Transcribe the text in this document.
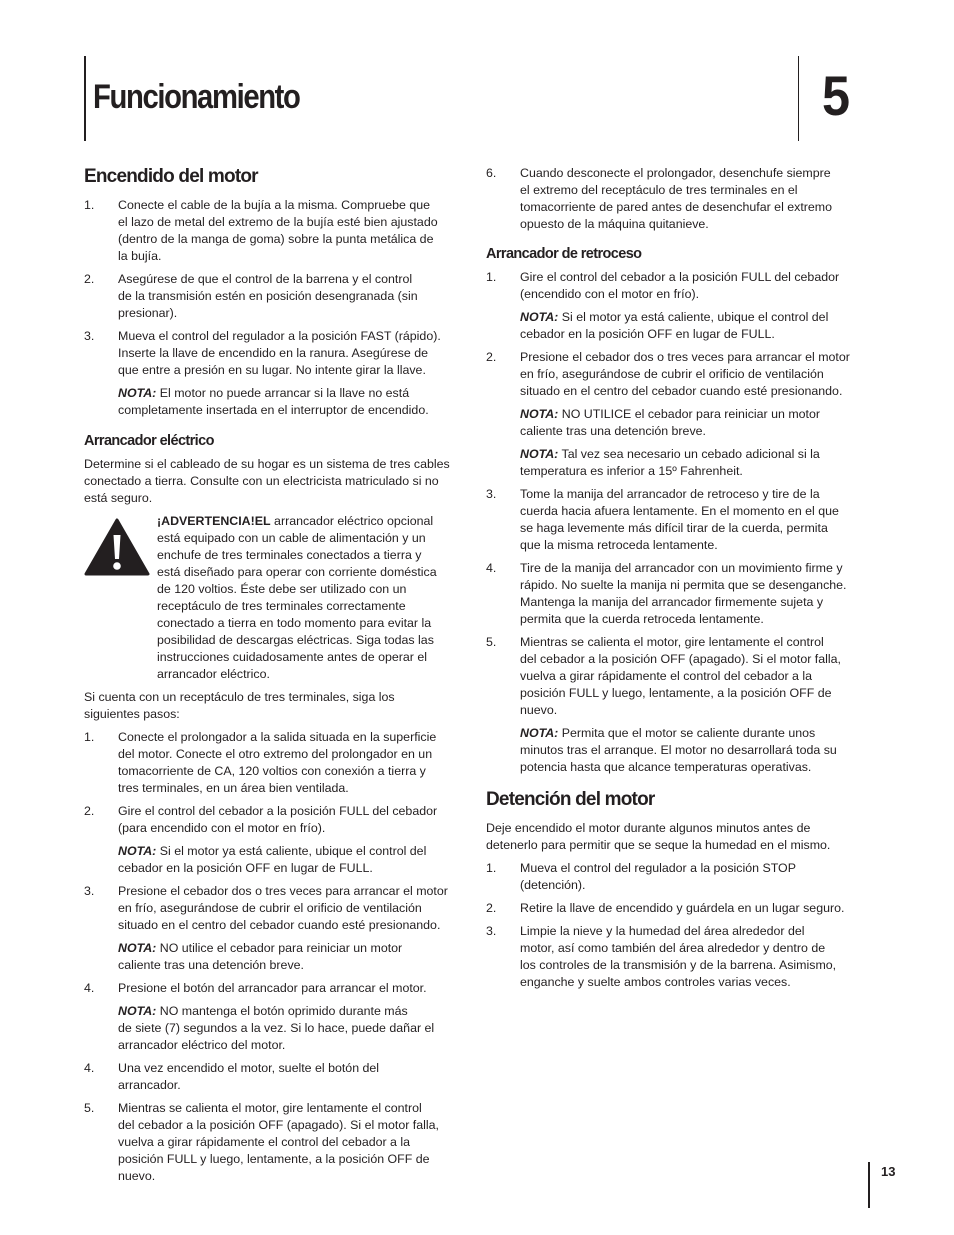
Funcionamiento	5
Encendido del motor
1. Conecte el cable de la bujía a la misma. Compruebe que
el lazo de metal del extremo de la bujía esté bien ajustado
(dentro de la manga de goma) sobre la punta metálica de
la bujía.
2. Asegúrese de que el control de la barrena y el control
de la transmisión estén en posición desengranada (sin
presionar).
3. Mueva el control del regulador a la posición FAST (rápido).
Inserte la llave de encendido en la ranura. Asegúrese de
que entre a presión en su lugar. No intente girar la llave.
NOTA: El motor no puede arrancar si la llave no está
completamente insertada en el interruptor de encendido.
Arrancador eléctrico

Determine si el cableado de su hogar es un sistema de tres cables
conectado a tierra. Consulte con un electricista matriculado si no
está seguro.

¡ADVERTENCIA!EL arrancador eléctrico opcional
está equipado con un cable de alimentación y un
enchufe de tres terminales conectados a tierra y
está diseñado para operar con corriente doméstica
de 120 voltios. Éste debe ser utilizado con un
receptáculo de tres terminales correctamente
conectado a tierra en todo momento para evitar la
posibilidad de descargas eléctricas. Siga todas las
instrucciones cuidadosamente antes de operar el
arrancador eléctrico.

Si cuenta con un receptáculo de tres terminales, siga los
siguientes pasos:

1. Conecte el prolongador a la salida situada en la superficie
del motor. Conecte el otro extremo del prolongador en un
tomacorriente de CA, 120 voltios con conexión a tierra y
tres terminales, en un área bien ventilada.
2. Gire el control del cebador a la posición FULL del cebador
(para encendido con el motor en frío).
NOTA: Si el motor ya está caliente, ubique el control del
cebador en la posición OFF en lugar de FULL.
3. Presione el cebador dos o tres veces para arrancar el motor
en frío, asegurándose de cubrir el orificio de ventilación
situado en el centro del cebador cuando esté presionando.
NOTA: NO utilice el cebador para reiniciar un motor
caliente tras una detención breve.
4. Presione el botón del arrancador para arrancar el motor.
NOTA: NO mantenga el botón oprimido durante más
de siete (7) segundos a la vez. Si lo hace, puede dañar el
arrancador eléctrico del motor.
4. Una vez encendido el motor, suelte el botón del
arrancador.
5. Mientras se calienta el motor, gire lentamente el control
del cebador a la posición OFF (apagado). Si el motor falla,
vuelva a girar rápidamente el control del cebador a la
posición FULL y luego, lentamente, a la posición OFF de
nuevo.
6. Cuando desconecte el prolongador, desenchufe siempre
el extremo del receptáculo de tres terminales en el
tomacorriente de pared antes de desenchufar el extremo
opuesto de la máquina quitanieve.
Arrancador de retroceso
1. Gire el control del cebador a la posición FULL del cebador
(encendido con el motor en frío).
NOTA: Si el motor ya está caliente, ubique el control del
cebador en la posición OFF en lugar de FULL.
2. Presione el cebador dos o tres veces para arrancar el motor
en frío, asegurándose de cubrir el orificio de ventilación
situado en el centro del cebador cuando esté presionando.
NOTA: NO UTILICE el cebador para reiniciar un motor
caliente tras una detención breve.
NOTA: Tal vez sea necesario un cebado adicional si la
temperatura es inferior a 15º Fahrenheit.
3. Tome la manija del arrancador de retroceso y tire de la
cuerda hacia afuera lentamente. En el momento en el que
se haga levemente más difícil tirar de la cuerda, permita
que la misma retroceda lentamente.
4. Tire de la manija del arrancador con un movimiento firme y
rápido. No suelte la manija ni permita que se desenganche.
Mantenga la manija del arrancador firmemente sujeta y
permita que la cuerda retroceda lentamente.
5. Mientras se calienta el motor, gire lentamente el control
del cebador a la posición OFF (apagado). Si el motor falla,
vuelva a girar rápidamente el control del cebador a la
posición FULL y luego, lentamente, a la posición OFF de
nuevo.
NOTA: Permita que el motor se caliente durante unos
minutos tras el arranque. El motor no desarrollará toda su
potencia hasta que alcance temperaturas operativas.
Detención del motor

Deje encendido el motor durante algunos minutos antes de
detenerlo para permitir que se seque la humedad en el mismo.

1. Mueva el control del regulador a la posición STOP
(detención).
2. Retire la llave de encendido y guárdela en un lugar seguro.
3. Limpie la nieve y la humedad del área alrededor del
motor, así como también del área alrededor y dentro de
los controles de la transmisión y de la barrena. Asimismo,
enganche y suelte ambos controles varias veces.
13
